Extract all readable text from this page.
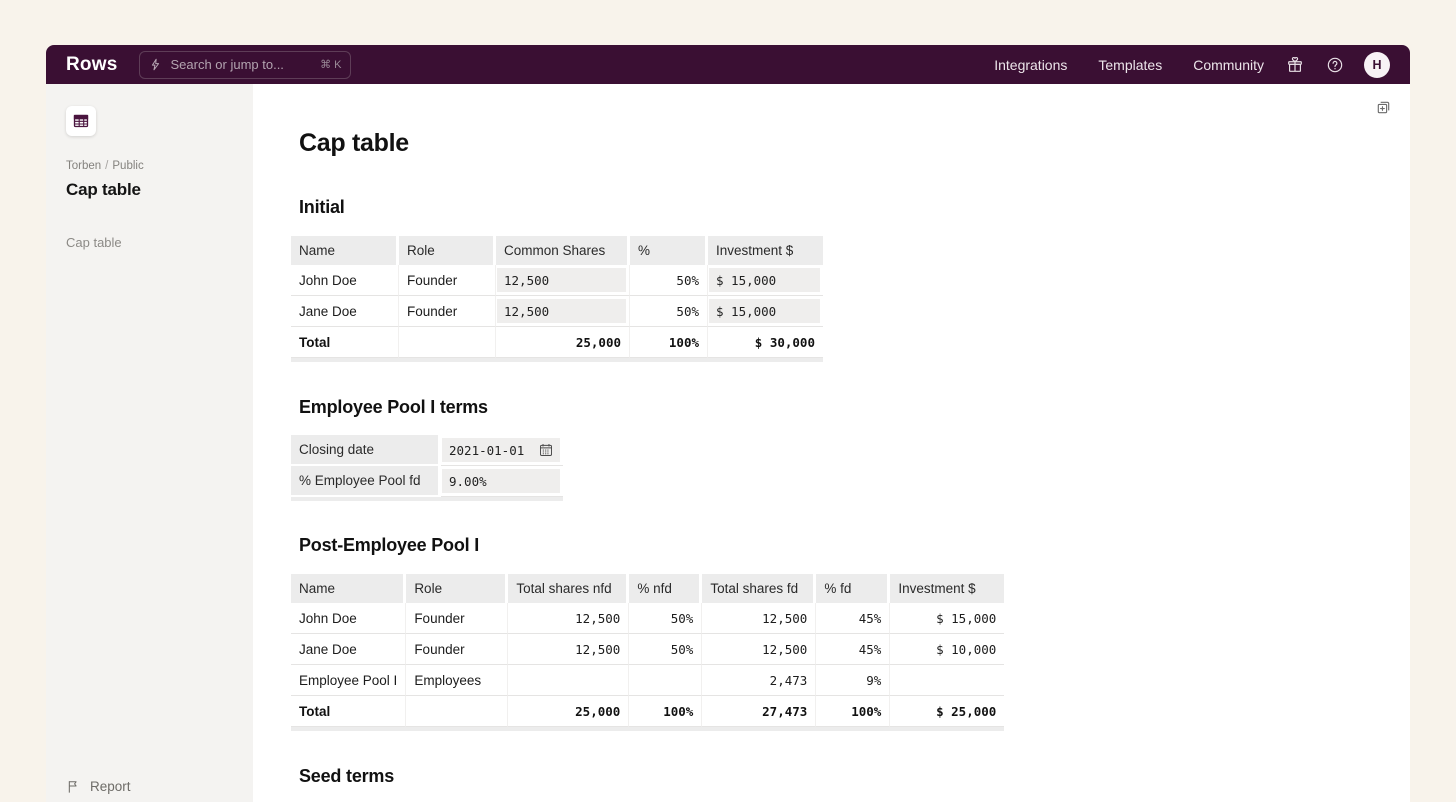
Rows	Search or jump to...	⌘ K	Integrations Templates Community	H
Torben / Public
Cap table
Cap table
Report
Cap table
Initial
Name	Role	Common Shares	%	Investment $
John Doe	Founder	12,500	50%	$ 15,000

Jane Doe	Founder	12,500	50%	$ 15,000

Total		25,000	100%	$ 30,000
Employee Pool I terms
Closing date	2021-01-01

% Employee Pool fd	9.00%
Post-Employee Pool I
Name	Role	Total shares nfd	% nfd	Total shares fd	% fd	Investment $
John Doe	Founder	12,500	50%	12,500	45%	$ 15,000
Jane Doe	Founder	12,500	50%	12,500	45%	$ 10,000
Employee Pool I	Employees			2,473	9%	
Total		25,000	100%	27,473	100%	$ 25,000
Seed terms
